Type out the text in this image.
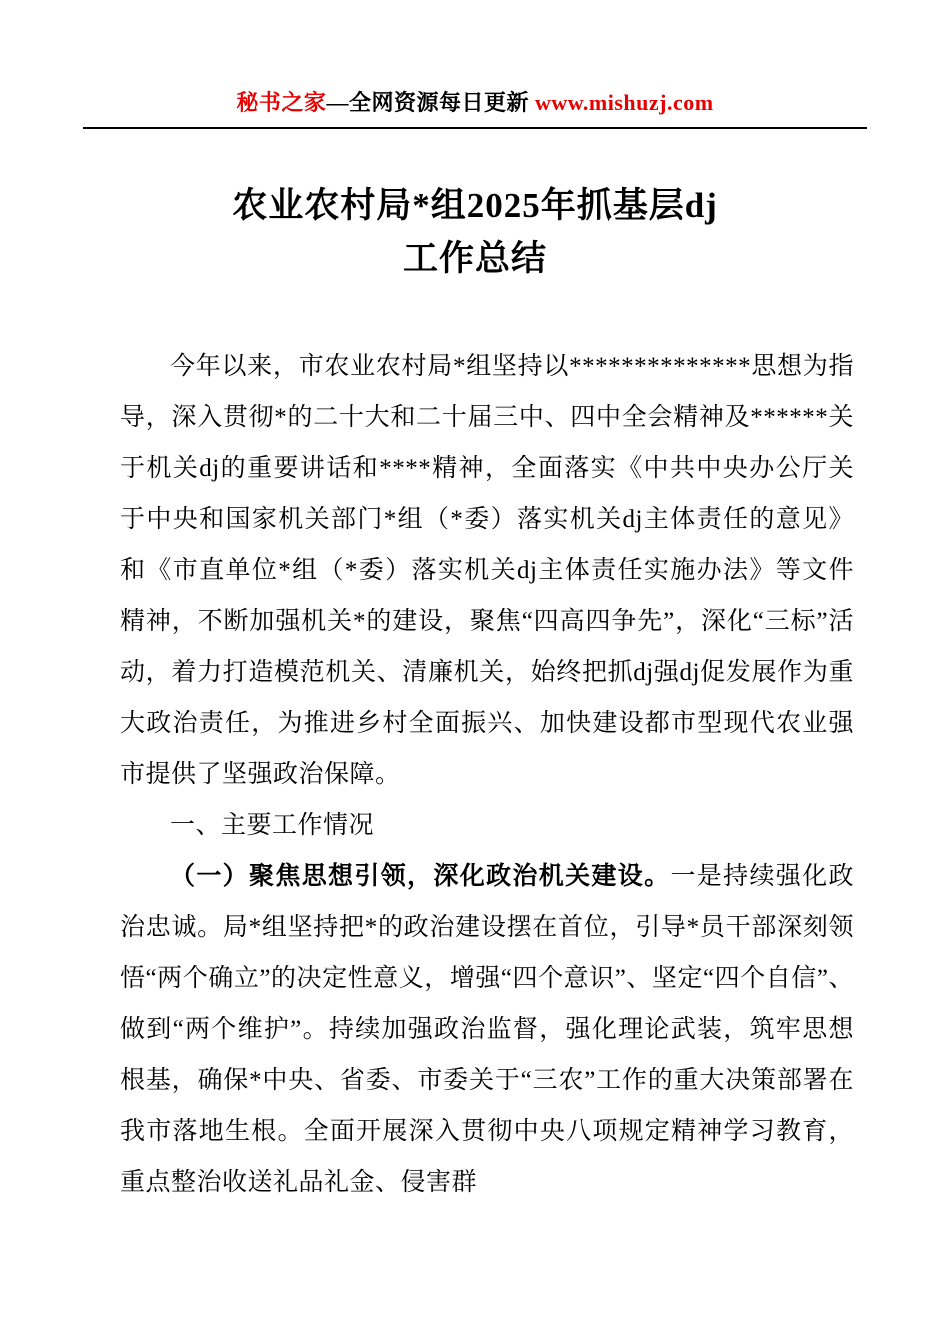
秘书之家—全网资源每日更新 www.mishuzj.com
农业农村局*组2025年抓基层dj
工作总结

今年以来，市农业农村局*组坚持以**************思想为指导，深入贯彻*的二十大和二十届三中、四中全会精神及******关于机关dj的重要讲话和****精神，全面落实《中共中央办公厅关于中央和国家机关部门*组（*委）落实机关dj主体责任的意见》和《市直单位*组（*委）落实机关dj主体责任实施办法》等文件精神，不断加强机关*的建设，聚焦“四高四争先”，深化“三标”活动，着力打造模范机关、清廉机关，始终把抓dj强dj促发展作为重大政治责任，为推进乡村全面振兴、加快建设都市型现代农业强市提供了坚强政治保障。

一、主要工作情况

（一）聚焦思想引领，深化政治机关建设。一是持续强化政治忠诚。局*组坚持把*的政治建设摆在首位，引导*员干部深刻领悟“两个确立”的决定性意义，增强“四个意识”、坚定“四个自信”、做到“两个维护”。持续加强政治监督，强化理论武装，筑牢思想根基，确保*中央、省委、市委关于“三农”工作的重大决策部署在我市落地生根。全面开展深入贯彻中央八项规定精神学习教育，重点整治收送礼品礼金、侵害群
